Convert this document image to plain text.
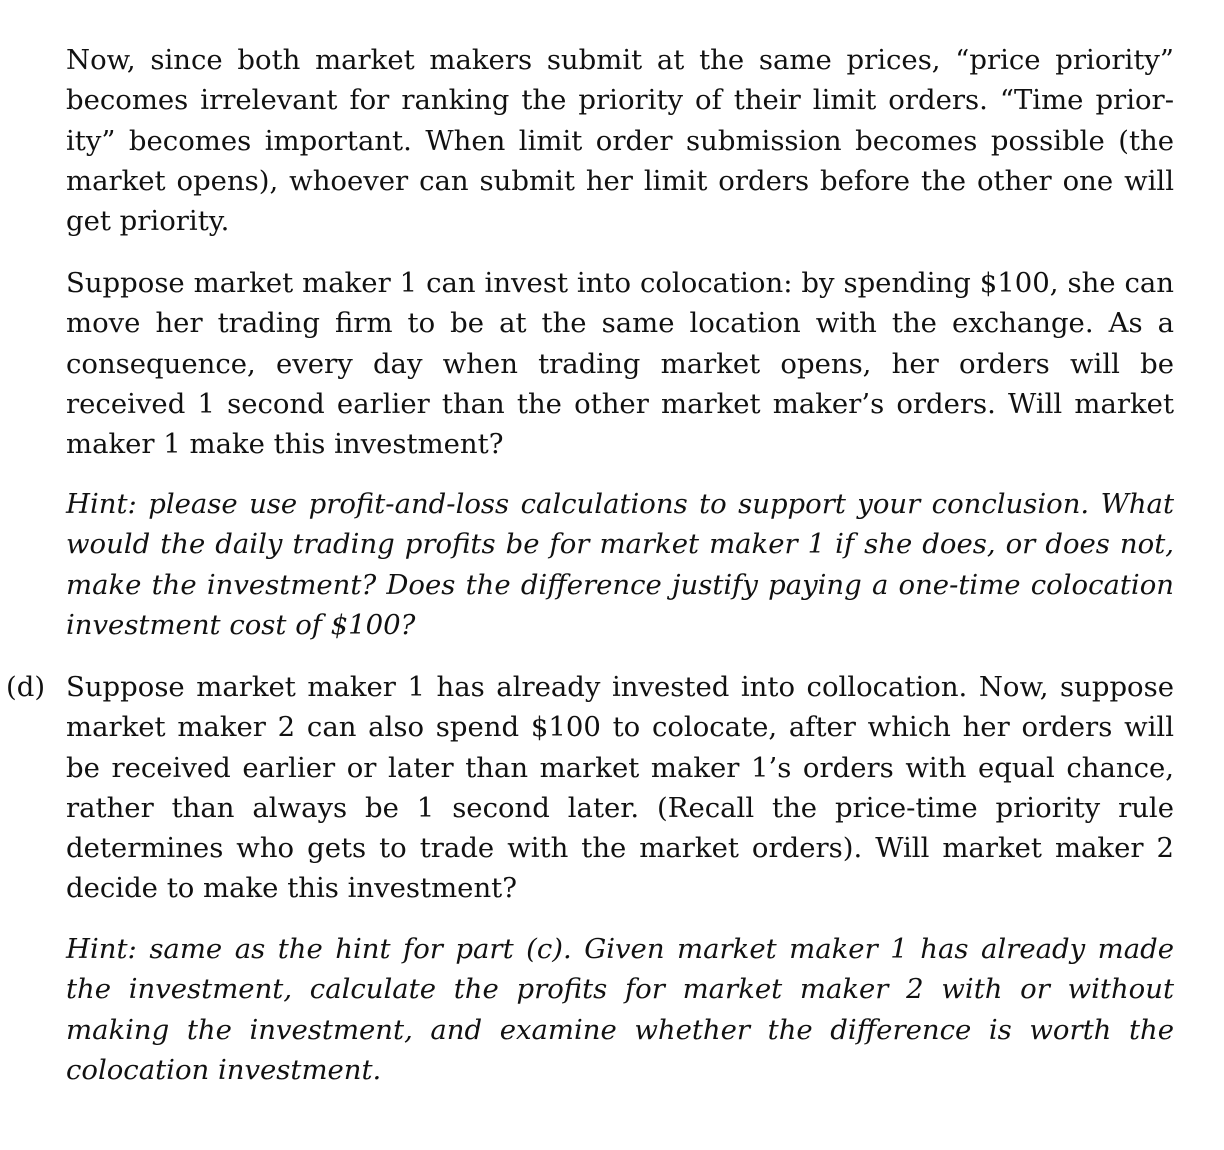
Now, since both market makers submit at the same prices, “price priority” becomes irrelevant for ranking the priority of their limit orders. “Time priority” becomes important. When limit order submission becomes possible (the market opens), whoever can submit her limit orders before the other one will get priority.

Suppose market maker 1 can invest into colocation: by spending $100, she can move her trading firm to be at the same location with the exchange. As a consequence, every day when trading market opens, her orders will be received 1 second earlier than the other market maker’s orders. Will market maker 1 make this investment?

Hint: please use profit-and-loss calculations to support your conclusion. What would the daily trading profits be for market maker 1 if she does, or does not, make the investment? Does the difference justify paying a one-time colocation investment cost of $100?

(d) Suppose market maker 1 has already invested into collocation. Now, suppose market maker 2 can also spend $100 to colocate, after which her orders will be received earlier or later than market maker 1’s orders with equal chance, rather than always be 1 second later. (Recall the price-time priority rule determines who gets to trade with the market orders). Will market maker 2 decide to make this investment?

Hint: same as the hint for part (c). Given market maker 1 has already made the investment, calculate the profits for market maker 2 with or without making the investment, and examine whether the difference is worth the colocation investment.
